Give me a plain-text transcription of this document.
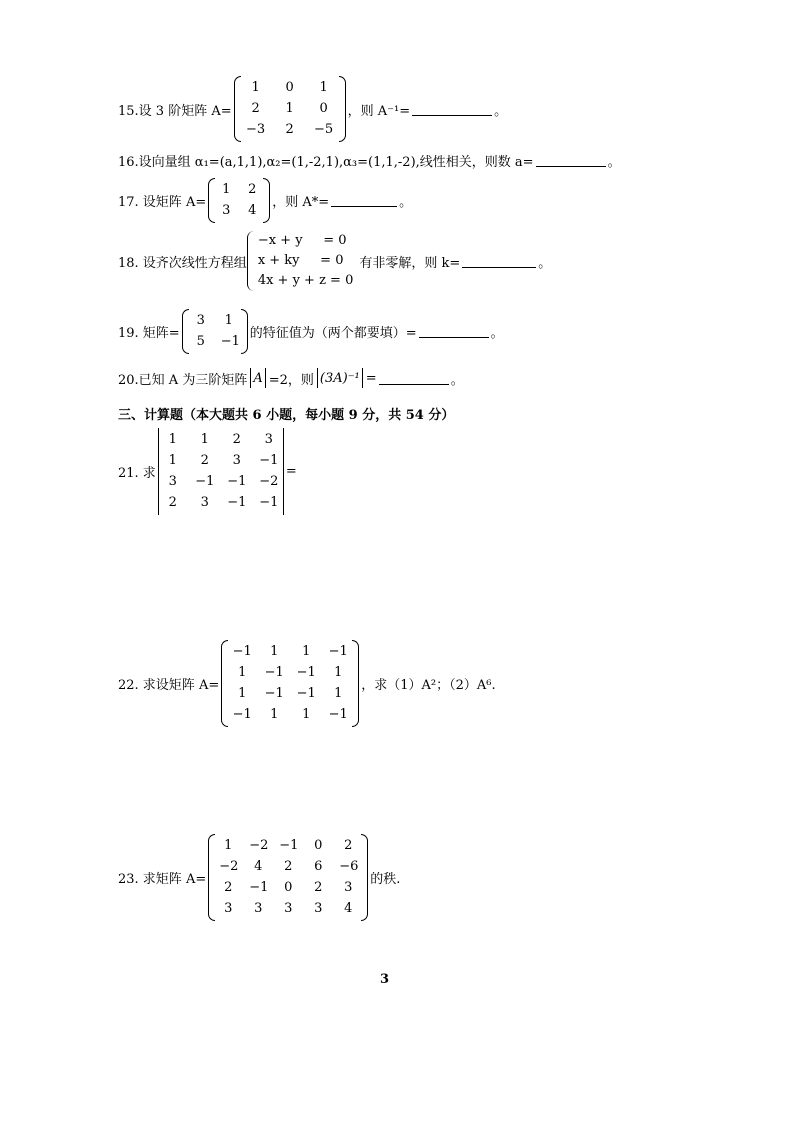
15.设 3 阶矩阵 A=
1	0	1
2	1	0
−3	2	−5
，则 A⁻¹=	。
16.设向量组 α₁=(a,1,1),α₂=(1,-2,1),α₃=(1,1,-2),线性相关，则数 a=	。
17. 设矩阵 A=
1 2
3 4
，则 A*=	。
18. 设齐次线性方程组
−x + y     = 0
x + ky     = 0
4x + y + z = 0
有非零解，则 k=	。
19. 矩阵=
3 1
5 −1
的特征值为（两个都要填）=	。
20.已知 A 为三阶矩阵 A =2，则 (3A)⁻¹ =	。
三、计算题（本大题共 6 小题，每小题 9 分，共 54 分）
21. 求
1	1	2	3
1	2	3	−1
3	−1 −1 −2
2	3	−1 −1
=
22. 求设矩阵 A=
−1	1	1	−1
1	−1 −1	1
1	−1 −1	1
−1	1	1	−1
，求（1）A²；（2）A⁶.
23. 求矩阵 A=
1	−2 −1	0	2
−2	4	2	6	−6
2	−1	0	2	3
3	3	3	3	4
的秩.
3
